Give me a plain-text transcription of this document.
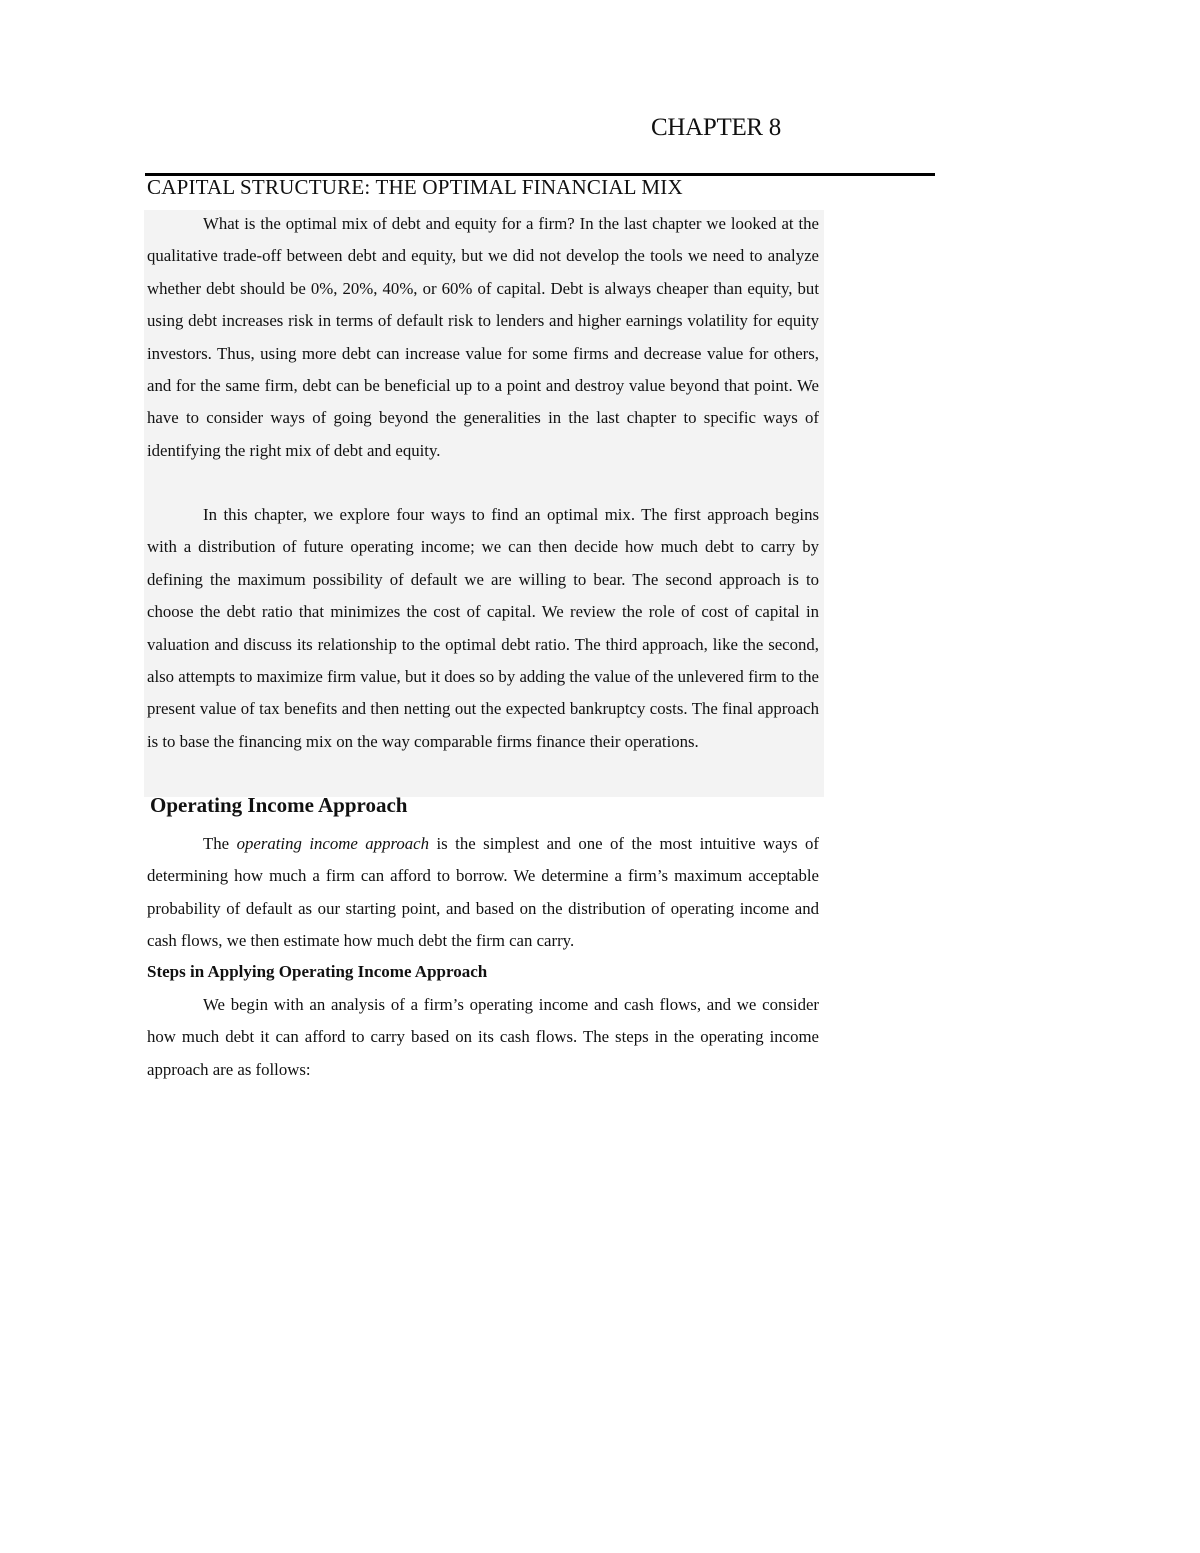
CHAPTER 8
CAPITAL STRUCTURE: THE OPTIMAL FINANCIAL MIX

What is the optimal mix of debt and equity for a firm? In the last chapter we looked at the qualitative trade-off between debt and equity, but we did not develop the tools we need to analyze whether debt should be 0%, 20%, 40%, or 60% of capital. Debt is always cheaper than equity, but using debt increases risk in terms of default risk to lenders and higher earnings volatility for equity investors. Thus, using more debt can increase value for some firms and decrease value for others, and for the same firm, debt can be beneficial up to a point and destroy value beyond that point. We have to consider ways of going beyond the generalities in the last chapter to specific ways of identifying the right mix of debt and equity.

In this chapter, we explore four ways to find an optimal mix. The first approach begins with a distribution of future operating income; we can then decide how much debt to carry by defining the maximum possibility of default we are willing to bear. The second approach is to choose the debt ratio that minimizes the cost of capital. We review the role of cost of capital in valuation and discuss its relationship to the optimal debt ratio. The third approach, like the second, also attempts to maximize firm value, but it does so by adding the value of the unlevered firm to the present value of tax benefits and then netting out the expected bankruptcy costs. The final approach is to base the financing mix on the way comparable firms finance their operations.

Operating Income Approach

The operating income approach is the simplest and one of the most intuitive ways of determining how much a firm can afford to borrow. We determine a firm’s maximum acceptable probability of default as our starting point, and based on the distribution of operating income and cash flows, we then estimate how much debt the firm can carry.

Steps in Applying Operating Income Approach

We begin with an analysis of a firm’s operating income and cash flows, and we consider how much debt it can afford to carry based on its cash flows. The steps in the operating income approach are as follows:
